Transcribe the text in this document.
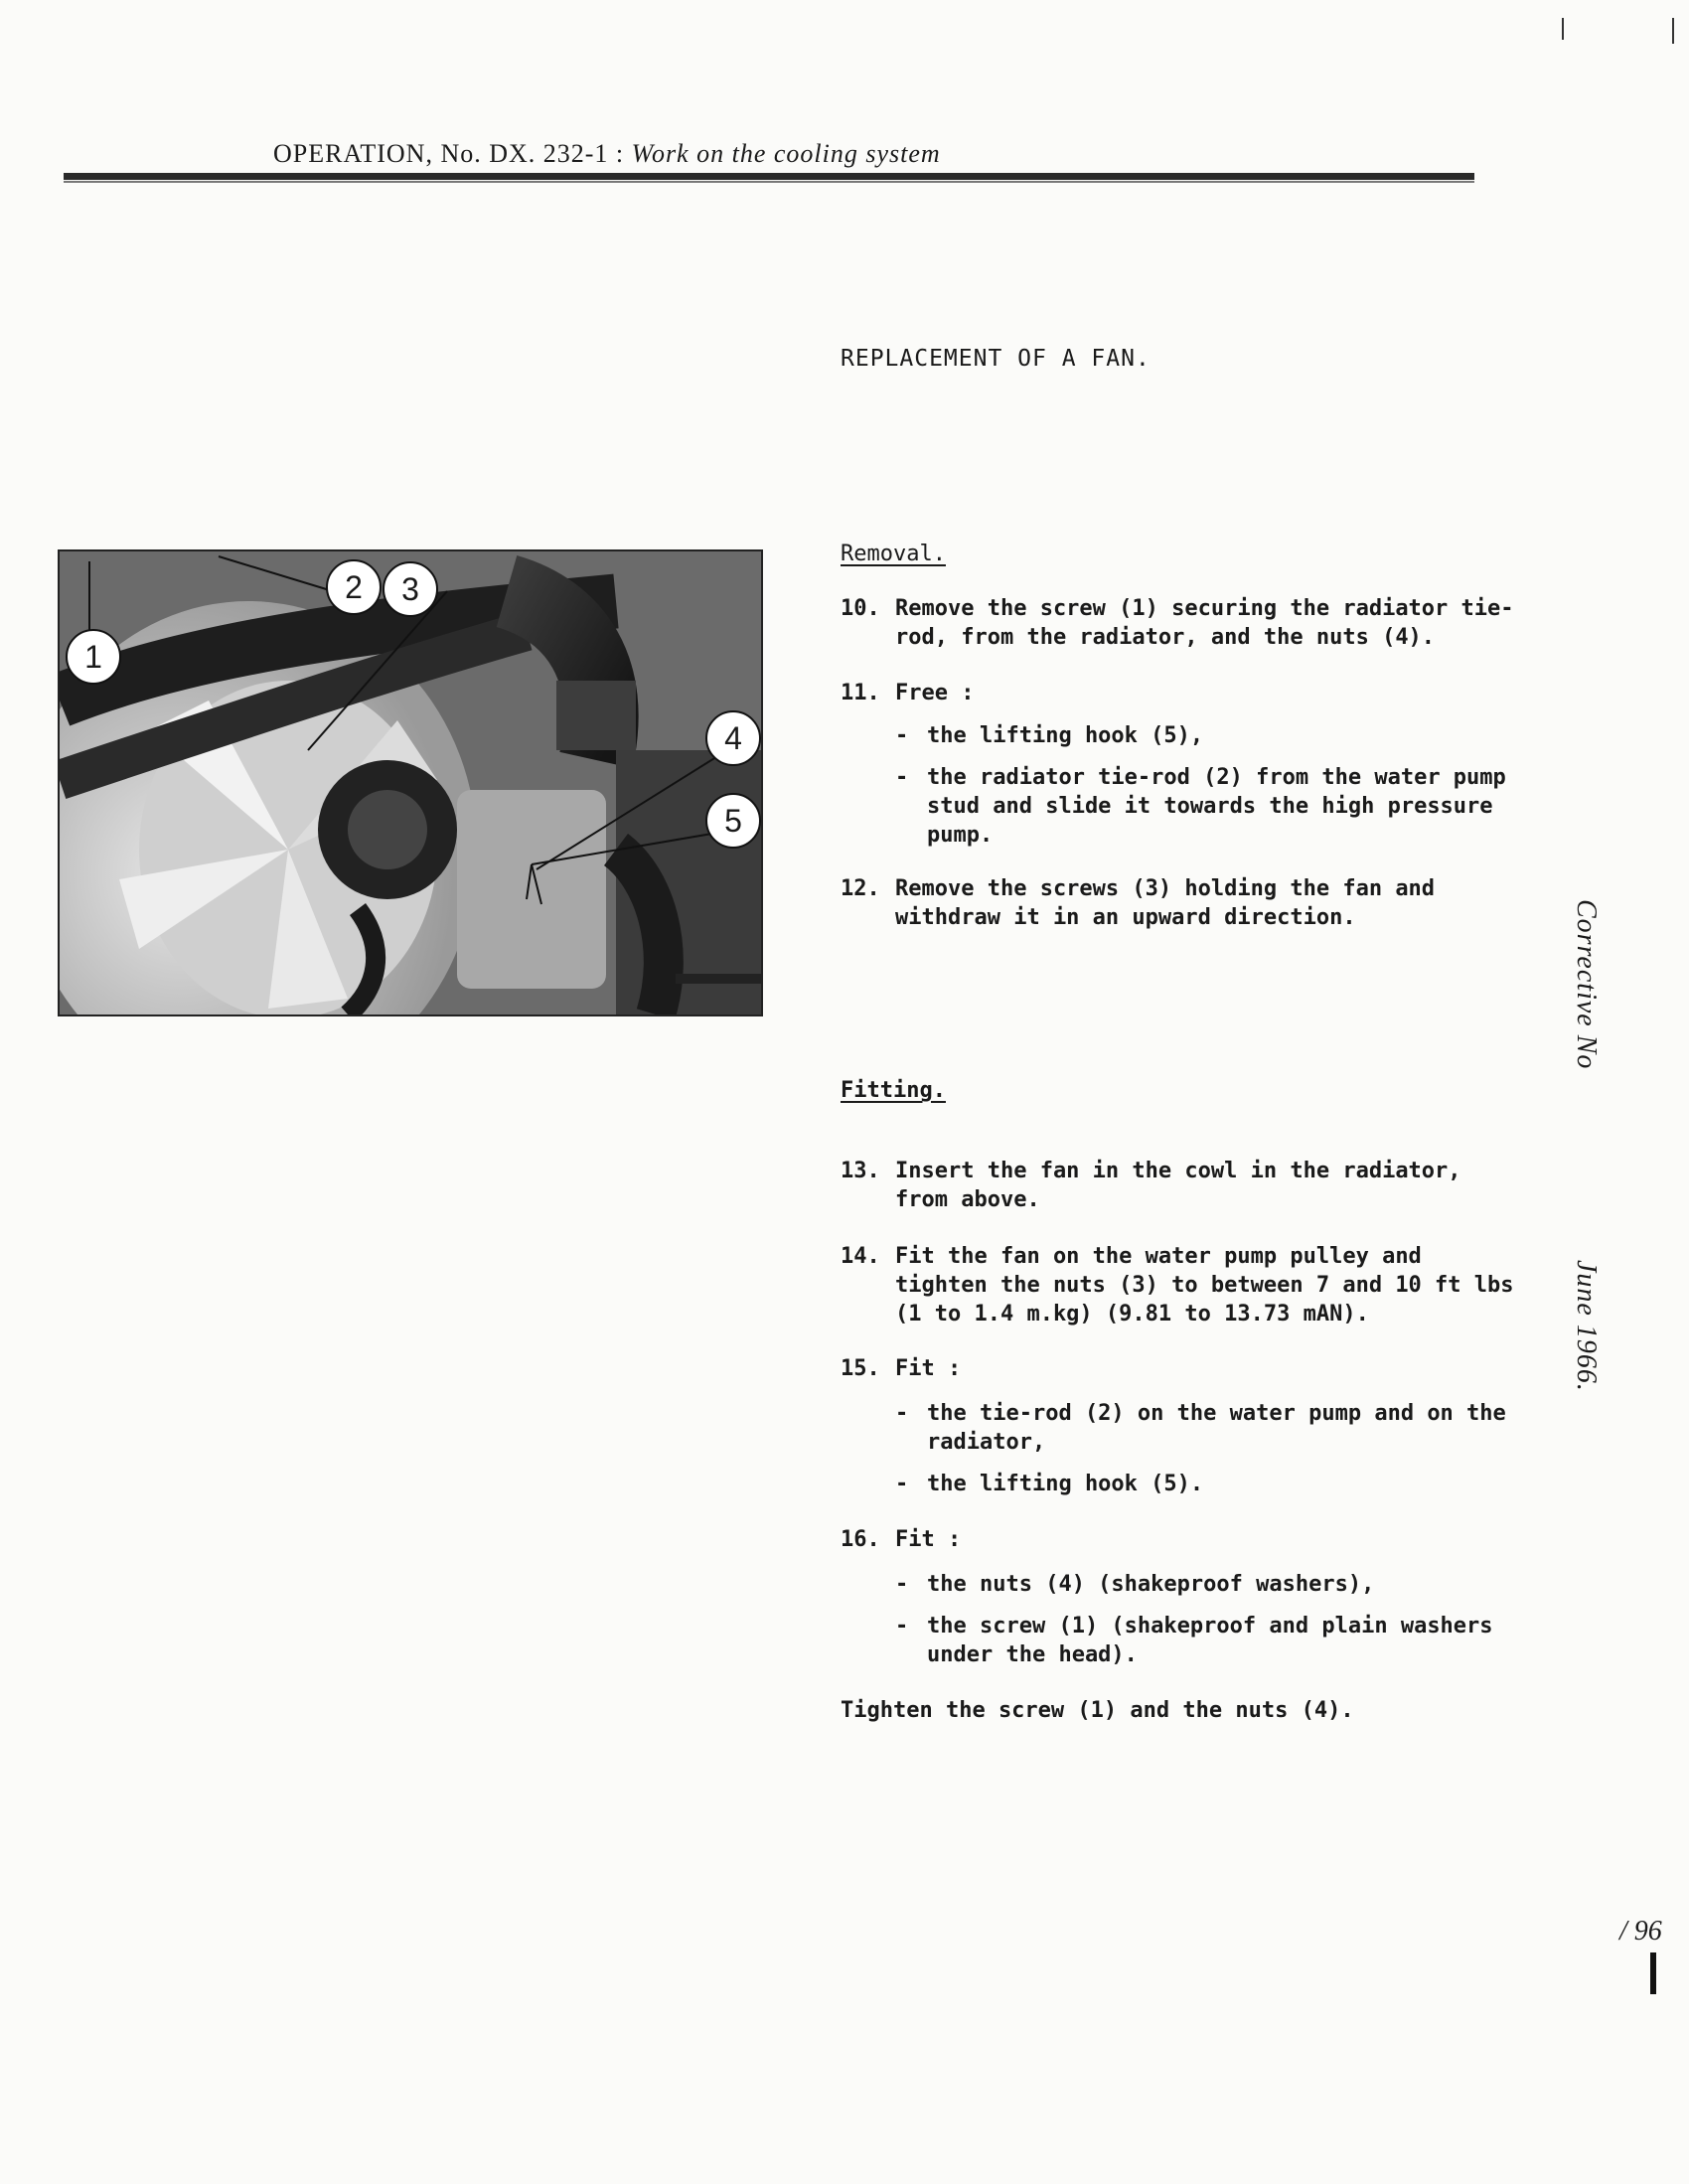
OPERATION, No. DX. 232-1 : Work on the cooling system
REPLACEMENT OF A FAN.
1
2	3
4
5
Removal.
10. Remove the screw (1) securing the radiator tie-rod, from the radiator, and the nuts (4).
11. Free :
- the lifting hook (5),
- the radiator tie-rod (2) from the water pump stud and slide it towards the high pressure pump.
12. Remove the screws (3) holding the fan and withdraw it in an upward direction.
Fitting.
13. Insert the fan in the cowl in the radiator, from above.
14. Fit the fan on the water pump pulley and tighten the nuts (3) to between 7 and 10 ft lbs (1 to 1.4 m.kg) (9.81 to 13.73 mAN).
15. Fit :
- the tie-rod (2) on the water pump and on the radiator,
- the lifting hook (5).
16. Fit :
- the nuts (4) (shakeproof washers),
- the screw (1) (shakeproof and plain washers under the head).
Tighten the screw (1) and the nuts (4).
Corrective No
June 1966.
/ 96
